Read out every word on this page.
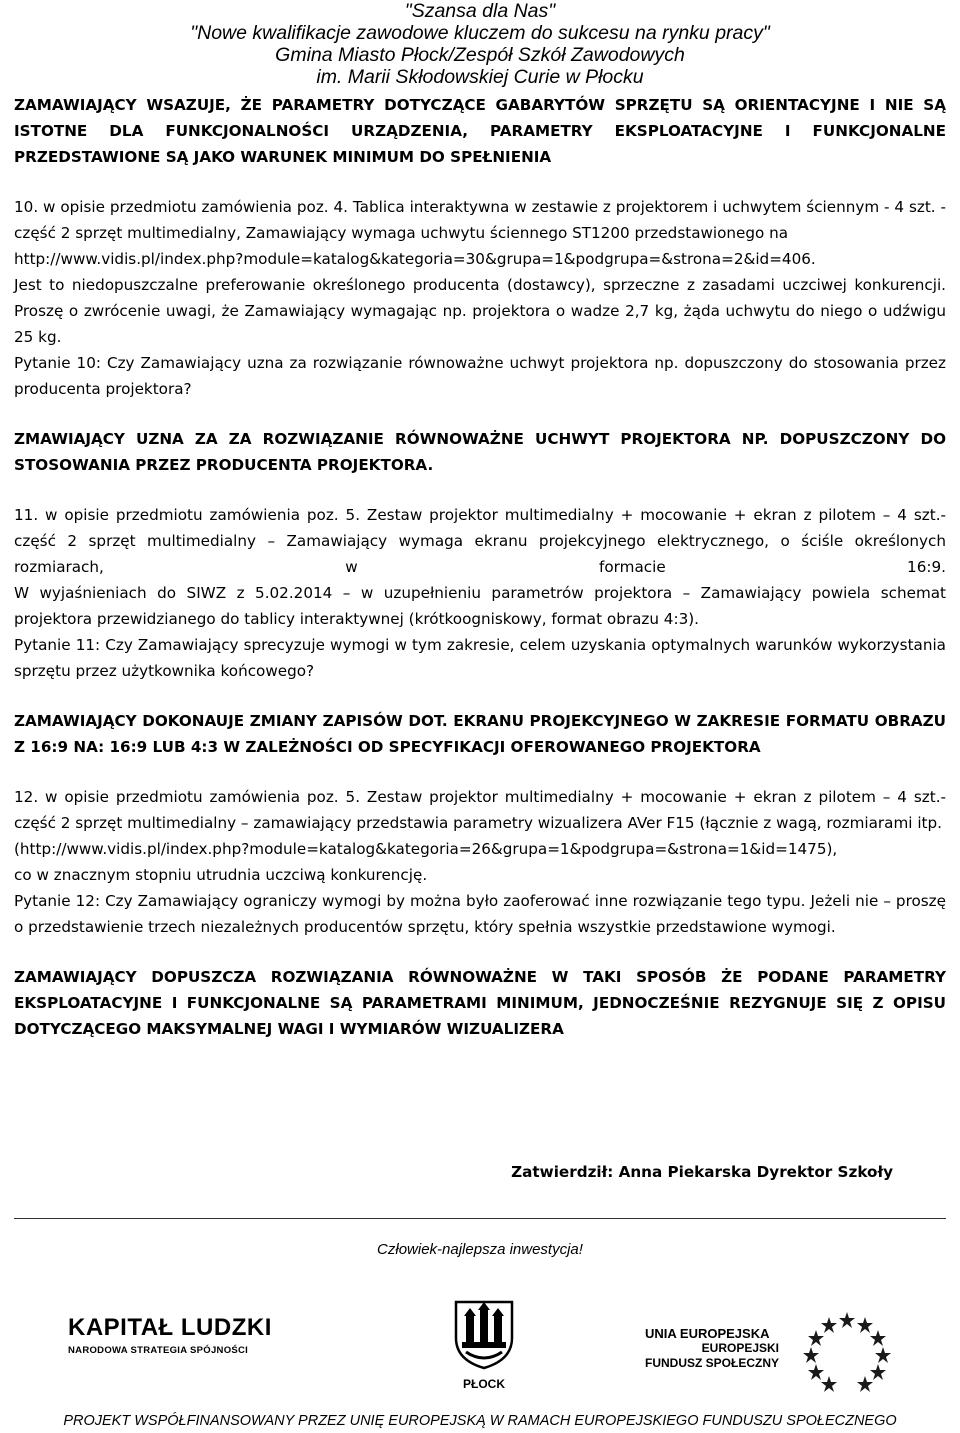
"Szansa dla Nas"
"Nowe kwalifikacje zawodowe kluczem do sukcesu na rynku pracy"
Gmina Miasto Płock/Zespół Szkół Zawodowych
im. Marii Skłodowskiej Curie w Płocku

ZAMAWIAJĄCY WSAZUJE, ŻE PARAMETRY DOTYCZĄCE GABARYTÓW SPRZĘTU SĄ ORIENTACYJNE I NIE SĄ ISTOTNE DLA FUNKCJONALNOŚCI URZĄDZENIA, PARAMETRY EKSPLOATACYJNE I FUNKCJONALNE PRZEDSTAWIONE SĄ JAKO WARUNEK MINIMUM DO SPEŁNIENIA

10. w opisie przedmiotu zamówienia poz. 4. Tablica interaktywna w zestawie z projektorem i uchwytem ściennym - 4 szt. - część 2 sprzęt multimedialny, Zamawiający wymaga uchwytu ściennego ST1200 przedstawionego na

http://www.vidis.pl/index.php?module=katalog&kategoria=30&grupa=1&podgrupa=&strona=2&id=406.

Jest to niedopuszczalne preferowanie określonego producenta (dostawcy), sprzeczne z zasadami uczciwej konkurencji. Proszę o zwrócenie uwagi, że Zamawiający wymagając np. projektora o wadze 2,7 kg, żąda uchwytu do niego o udźwigu 25 kg.

Pytanie 10: Czy Zamawiający uzna za rozwiązanie równoważne uchwyt projektora np. dopuszczony do stosowania przez producenta projektora?

ZMAWIAJĄCY UZNA ZA ZA ROZWIĄZANIE RÓWNOWAŻNE UCHWYT PROJEKTORA NP. DOPUSZCZONY DO STOSOWANIA PRZEZ PRODUCENTA PROJEKTORA.

11. w opisie przedmiotu zamówienia poz. 5. Zestaw projektor multimedialny + mocowanie + ekran z pilotem – 4 szt.- część 2 sprzęt multimedialny – Zamawiający wymaga ekranu projekcyjnego elektrycznego, o ściśle określonych rozmiarach, w formacie 16:9.

W wyjaśnieniach do SIWZ z 5.02.2014 – w uzupełnieniu parametrów projektora – Zamawiający powiela schemat projektora przewidzianego do tablicy interaktywnej (krótkoogniskowy, format obrazu 4:3).

Pytanie 11: Czy Zamawiający sprecyzuje wymogi w tym zakresie, celem uzyskania optymalnych warunków wykorzystania sprzętu przez użytkownika końcowego?

ZAMAWIAJĄCY DOKONAUJE ZMIANY ZAPISÓW DOT. EKRANU PROJEKCYJNEGO W ZAKRESIE FORMATU OBRAZU Z 16:9 NA: 16:9 LUB 4:3 W ZALEŻNOŚCI OD SPECYFIKACJI OFEROWANEGO PROJEKTORA

12. w opisie przedmiotu zamówienia poz. 5. Zestaw projektor multimedialny + mocowanie + ekran z pilotem – 4 szt.- część 2 sprzęt multimedialny – zamawiający przedstawia parametry wizualizera AVer F15 (łącznie z wagą, rozmiarami itp.

(http://www.vidis.pl/index.php?module=katalog&kategoria=26&grupa=1&podgrupa=&strona=1&id=1475),

co w znacznym stopniu utrudnia uczciwą konkurencję.

Pytanie 12: Czy Zamawiający ograniczy wymogi by można było zaoferować inne rozwiązanie tego typu. Jeżeli nie – proszę o przedstawienie trzech niezależnych producentów sprzętu, który spełnia wszystkie przedstawione wymogi.

ZAMAWIAJĄCY DOPUSZCZA ROZWIĄZANIA RÓWNOWAŻNE W TAKI SPOSÓB ŻE PODANE PARAMETRY EKSPLOATACYJNE I FUNKCJONALNE SĄ PARAMETRAMI MINIMUM, JEDNOCZEŚNIE REZYGNUJE SIĘ Z OPISU DOTYCZĄCEGO MAKSYMALNEJ WAGI I WYMIARÓW WIZUALIZERA

Zatwierdził: Anna Piekarska Dyrektor Szkoły
Człowiek-najlepsza inwestycja!
KAPITAŁ LUDZKI
NARODOWA STRATEGIA SPÓJNOŚCI
PŁOCK
UNIA EUROPEJSKA
EUROPEJSKI
FUNDUSZ SPOŁECZNY
PROJEKT WSPÓŁFINANSOWANY PRZEZ UNIĘ EUROPEJSKĄ W RAMACH EUROPEJSKIEGO FUNDUSZU SPOŁECZNEGO
